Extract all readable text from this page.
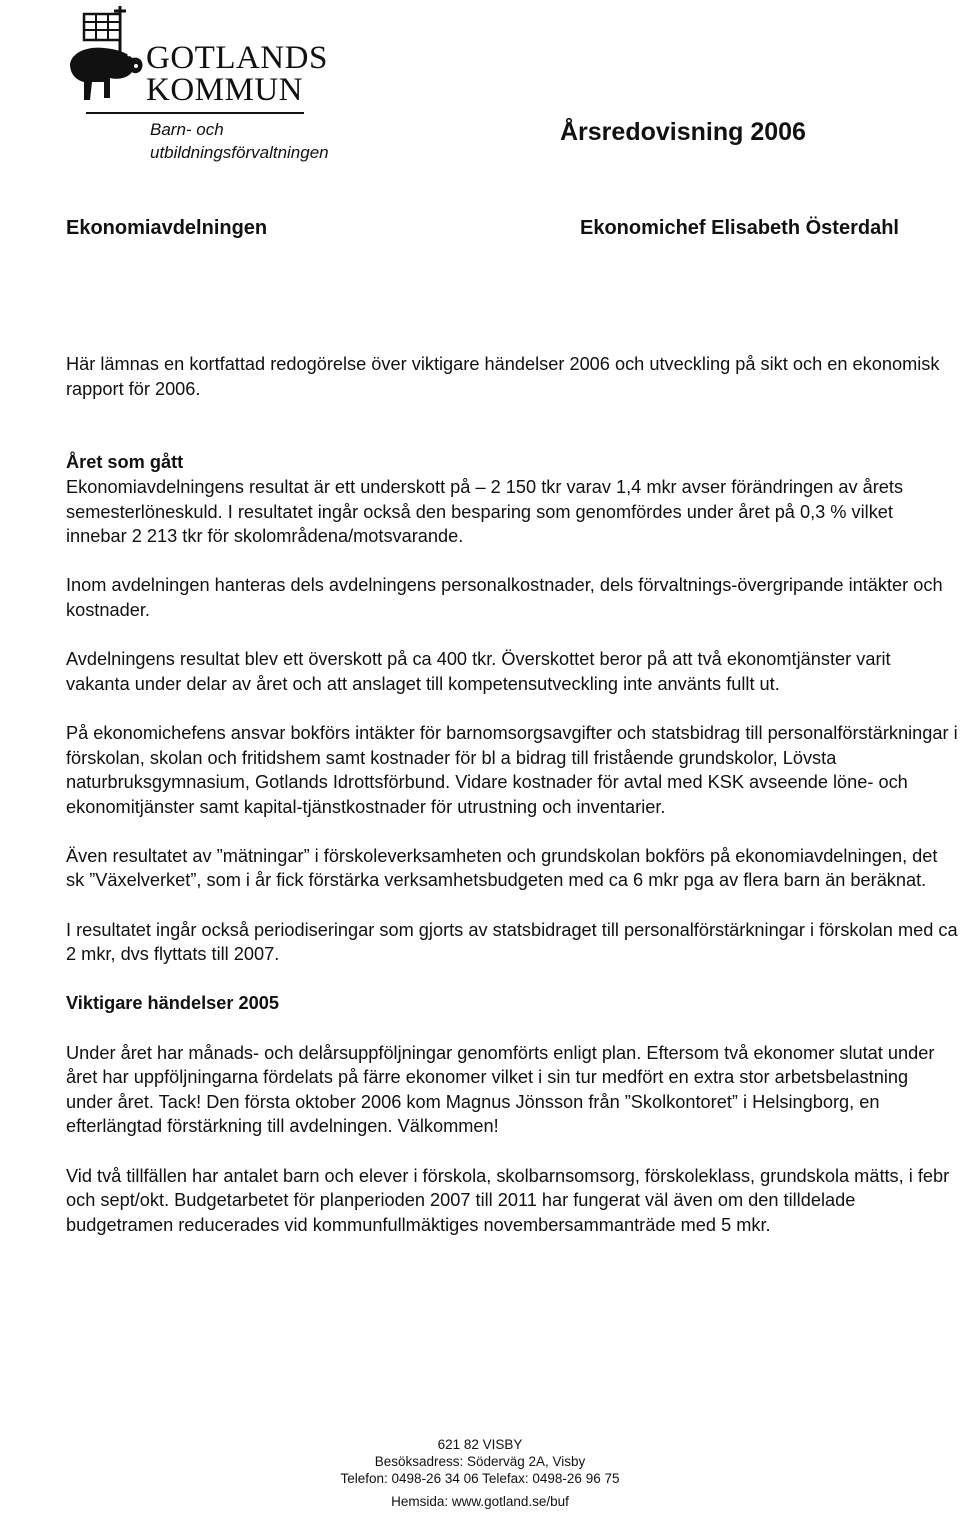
GOTLANDS
KOMMUN
Barn- och
utbildningsförvaltningen
Årsredovisning 2006
Ekonomiavdelningen	Ekonomichef Elisabeth Österdahl

Här lämnas en kortfattad redogörelse över viktigare händelser 2006 och utveckling på sikt och en ekonomisk rapport för 2006.

Året som gått

Ekonomiavdelningens resultat är ett underskott på – 2 150 tkr varav 1,4 mkr avser förändringen av årets semesterlöneskuld. I resultatet ingår också den besparing som genomfördes under året på 0,3 % vilket innebar 2 213 tkr för skolområdena/motsvarande.

Inom avdelningen hanteras dels avdelningens personalkostnader, dels förvaltnings-övergripande intäkter och kostnader.

Avdelningens resultat blev ett överskott på ca 400 tkr. Överskottet beror på att två ekonomtjänster varit vakanta under delar av året och att anslaget till kompetensutveckling inte använts fullt ut.

På ekonomichefens ansvar bokförs intäkter för barnomsorgsavgifter och statsbidrag till personalförstärkningar i förskolan, skolan och fritidshem samt kostnader för bl a bidrag till fristående grundskolor, Lövsta naturbruksgymnasium, Gotlands Idrottsförbund. Vidare kostnader för avtal med KSK avseende löne- och ekonomitjänster samt kapital-tjänstkostnader för utrustning och inventarier.

Även resultatet av ”mätningar” i förskoleverksamheten och grundskolan bokförs på ekonomiavdelningen, det sk ”Växelverket”, som i år fick förstärka verksamhetsbudgeten med ca 6 mkr pga av flera barn än beräknat.

I resultatet ingår också periodiseringar som gjorts av statsbidraget till personalförstärkningar i förskolan med ca 2 mkr, dvs flyttats till 2007.

Viktigare händelser 2005

Under året har månads- och delårsuppföljningar genomförts enligt plan. Eftersom två ekonomer slutat under året har uppföljningarna fördelats på färre ekonomer vilket i sin tur medfört en extra stor arbetsbelastning under året. Tack! Den första oktober 2006 kom Magnus Jönsson från ”Skolkontoret” i Helsingborg, en efterlängtad förstärkning till avdelningen. Välkommen!

Vid två tillfällen har antalet barn och elever i förskola, skolbarnsomsorg, förskoleklass, grundskola mätts, i febr och sept/okt. Budgetarbetet för planperioden 2007 till 2011 har fungerat väl även om den tilldelade budgetramen reducerades vid kommunfullmäktiges novembersammanträde med 5 mkr.

621 82 VISBY
Besöksadress: Söderväg 2A, Visby
Telefon: 0498-26 34 06 Telefax: 0498-26 96 75
Hemsida: www.gotland.se/buf
